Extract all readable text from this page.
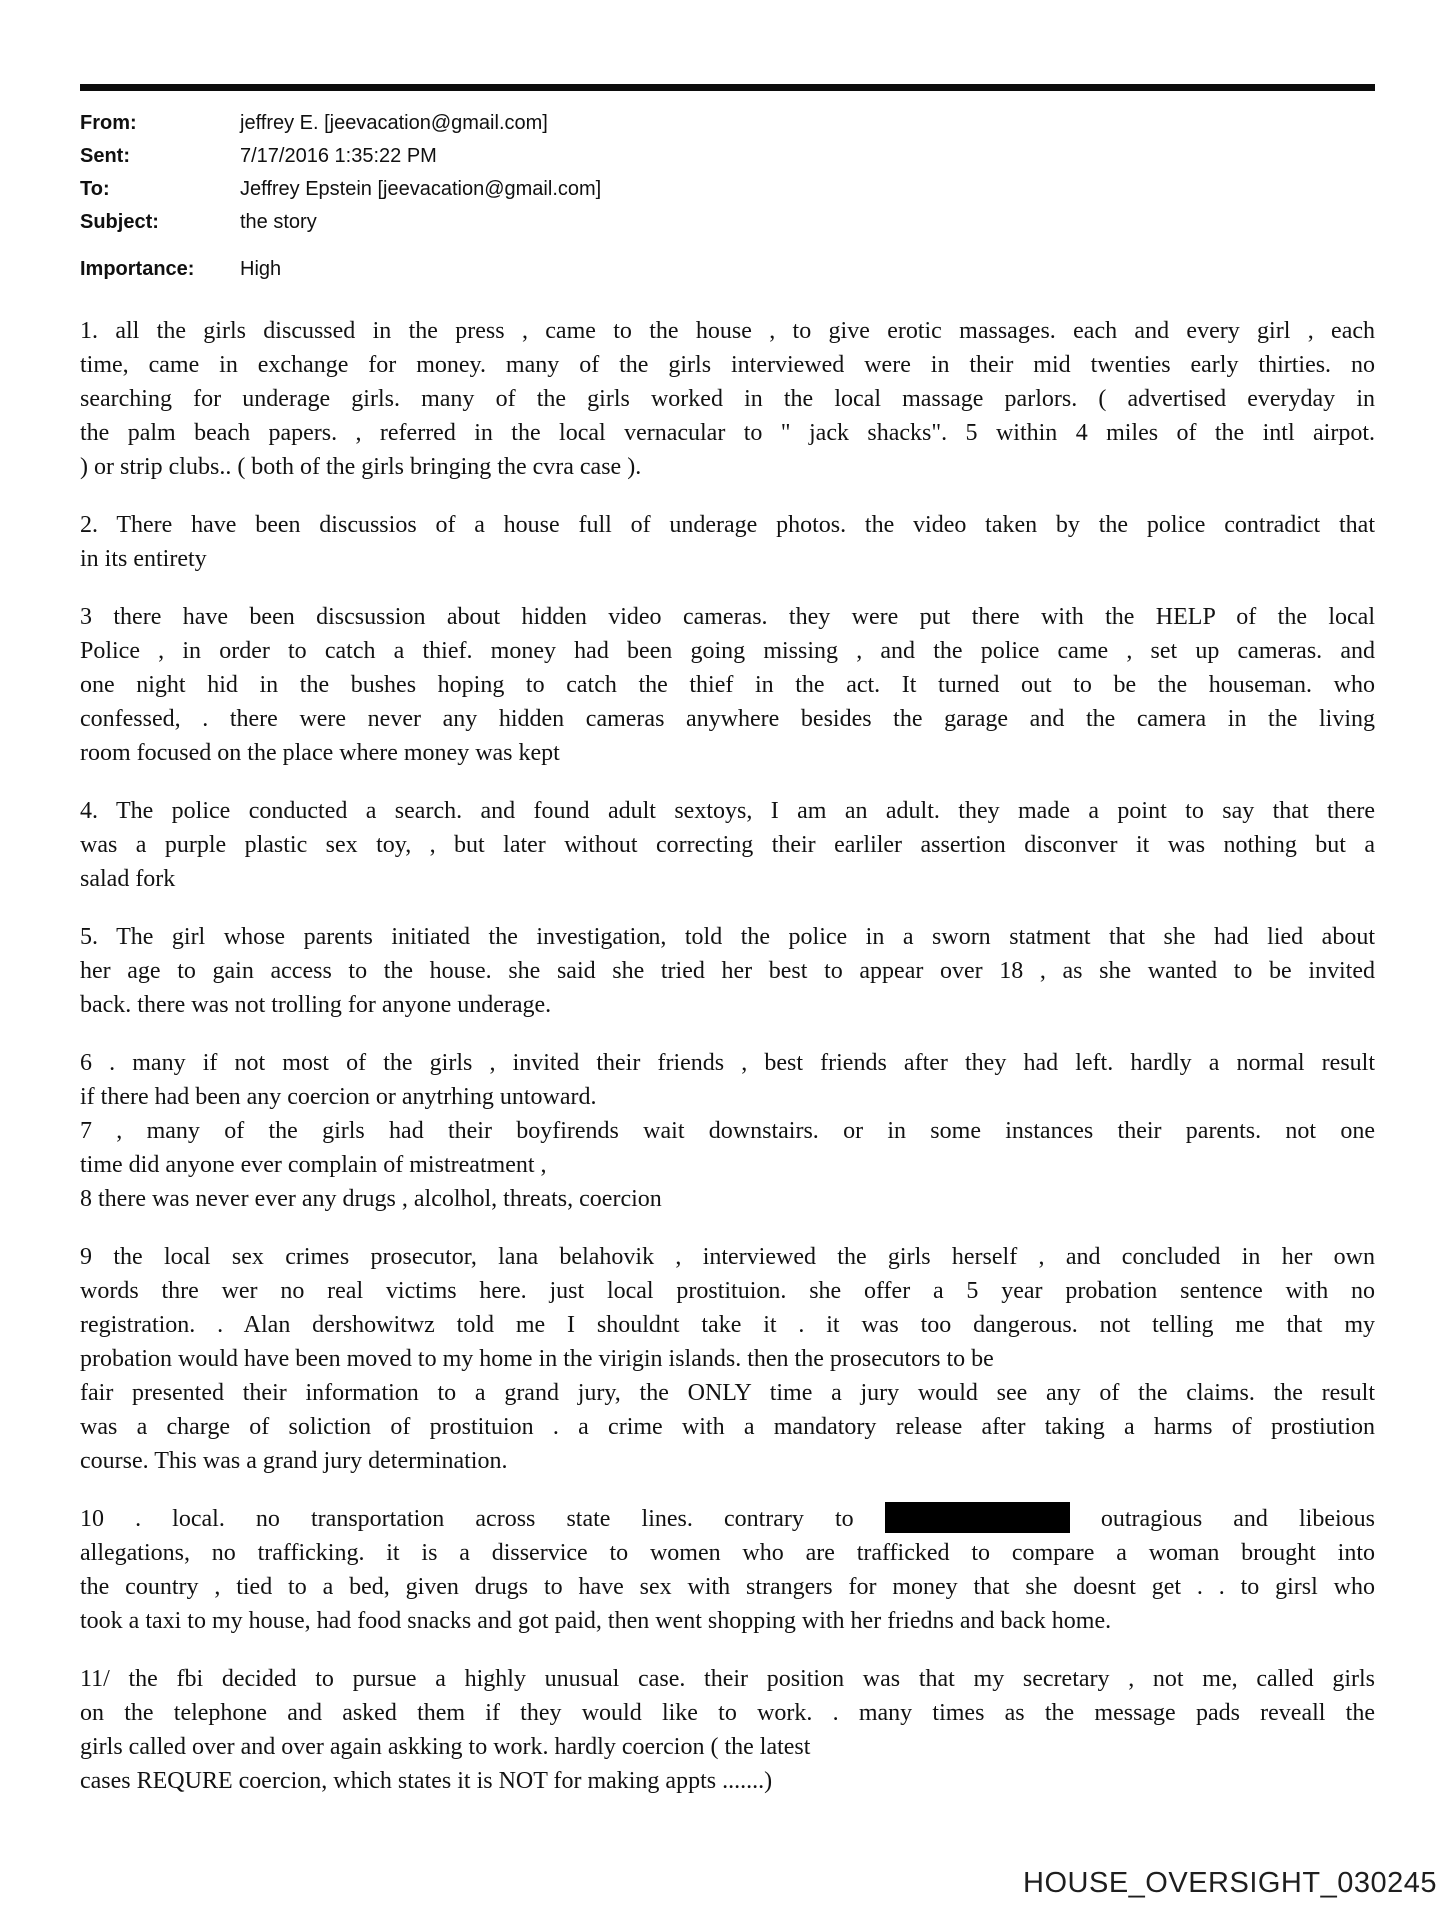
From:	jeffrey E. [jeevacation@gmail.com]
Sent:	7/17/2016 1:35:22 PM
To:	Jeffrey Epstein [jeevacation@gmail.com]
Subject:	the story
Importance: High
1. all the girls discussed in the press , came to the house , to give erotic massages. each and every girl , each
time, came in exchange for money. many of the girls interviewed were in their mid twenties early thirties. no
searching for underage girls. many of the girls worked in the local massage parlors. ( advertised everyday in
the palm beach papers. , referred in the local vernacular to " jack shacks". 5 within 4 miles of the intl airpot.
) or strip clubs.. ( both of the girls bringing the cvra case ).
2. There have been discussios of a house full of underage photos. the video taken by the police contradict that
in its entirety
3 there have been discsussion about hidden video cameras. they were put there with the HELP of the local
Police , in order to catch a thief. money had been going missing , and the police came , set up cameras. and
one night hid in the bushes hoping to catch the thief in the act. It turned out to be the houseman. who
confessed, . there were never any hidden cameras anywhere besides the garage and the camera in the living
room focused on the place where money was kept
4. The police conducted a search. and found adult sextoys, I am an adult. they made a point to say that there
was a purple plastic sex toy, , but later without correcting their earliler assertion disconver it was nothing but a
salad fork
5. The girl whose parents initiated the investigation, told the police in a sworn statment that she had lied about
her age to gain access to the house. she said she tried her best to appear over 18 , as she wanted to be invited
back. there was not trolling for anyone underage.
6 . many if not most of the girls , invited their friends , best friends after they had left. hardly a normal result
if there had been any coercion or anytrhing untoward.
7 , many of the girls had their boyfirends wait downstairs. or in some instances their parents. not one
time did anyone ever complain of mistreatment ,
8 there was never ever any drugs , alcolhol, threats, coercion
9 the local sex crimes prosecutor, lana belahovik , interviewed the girls herself , and concluded in her own
words thre wer no real victims here. just local prostituion. she offer a 5 year probation sentence with no
registration. . Alan dershowitwz told me I shouldnt take it . it was too dangerous. not telling me that my
probation would have been moved to my home in the virigin islands. then the prosecutors to be
fair presented their information to a grand jury, the ONLY time a jury would see any of the claims. the result
was a charge of soliction of prostituion . a crime with a mandatory release after taking a harms of prostiution
course. This was a grand jury determination.
10 . local. no transportation across state lines. contrary to	outragious and libeious
allegations, no trafficking. it is a disservice to women who are trafficked to compare a woman brought into
the country , tied to a bed, given drugs to have sex with strangers for money that she doesnt get . . to girsl who
took a taxi to my house, had food snacks and got paid, then went shopping with her friedns and back home.
11/ the fbi decided to pursue a highly unusual case. their position was that my secretary , not me, called girls
on the telephone and asked them if they would like to work. . many times as the message pads reveall the
girls called over and over again askking to work. hardly coercion ( the latest
cases REQURE coercion, which states it is NOT for making appts .......)
HOUSE_OVERSIGHT_030245
